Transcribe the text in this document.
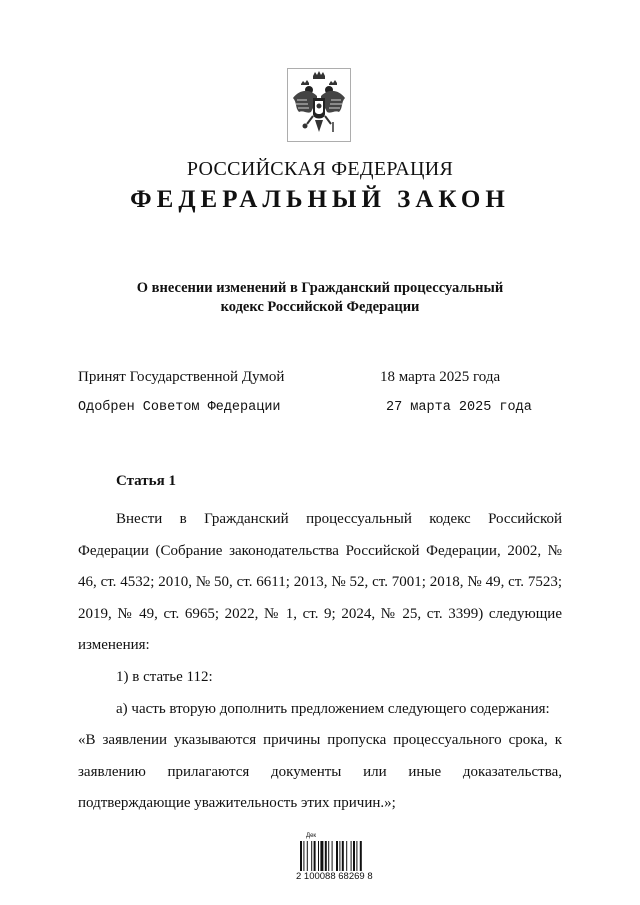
РОССИЙСКАЯ ФЕДЕРАЦИЯ
ФЕДЕРАЛЬНЫЙ ЗАКОН
О внесении изменений в Гражданский процессуальный
кодекс Российской Федерации
Принят Государственной Думой	18 марта 2025 года
Одобрен Советом Федерации	27 марта 2025 года
Статья 1

Внести в Гражданский процессуальный кодекс Российской Федерации (Собрание законодательства Российской Федерации, 2002, № 46, ст. 4532; 2010, № 50, ст. 6611; 2013, № 52, ст. 7001; 2018, № 49, ст. 7523; 2019, № 49, ст. 6965; 2022, № 1, ст. 9; 2024, № 25, ст. 3399) следующие изменения:

1) в статье 112:

а) часть вторую дополнить предложением следующего содержания:

«В заявлении указываются причины пропуска процессуального срока, к заявлению прилагаются документы или иные доказательства, подтверждающие уважительность этих причин.»;

Дек
2 100088 68269 8
